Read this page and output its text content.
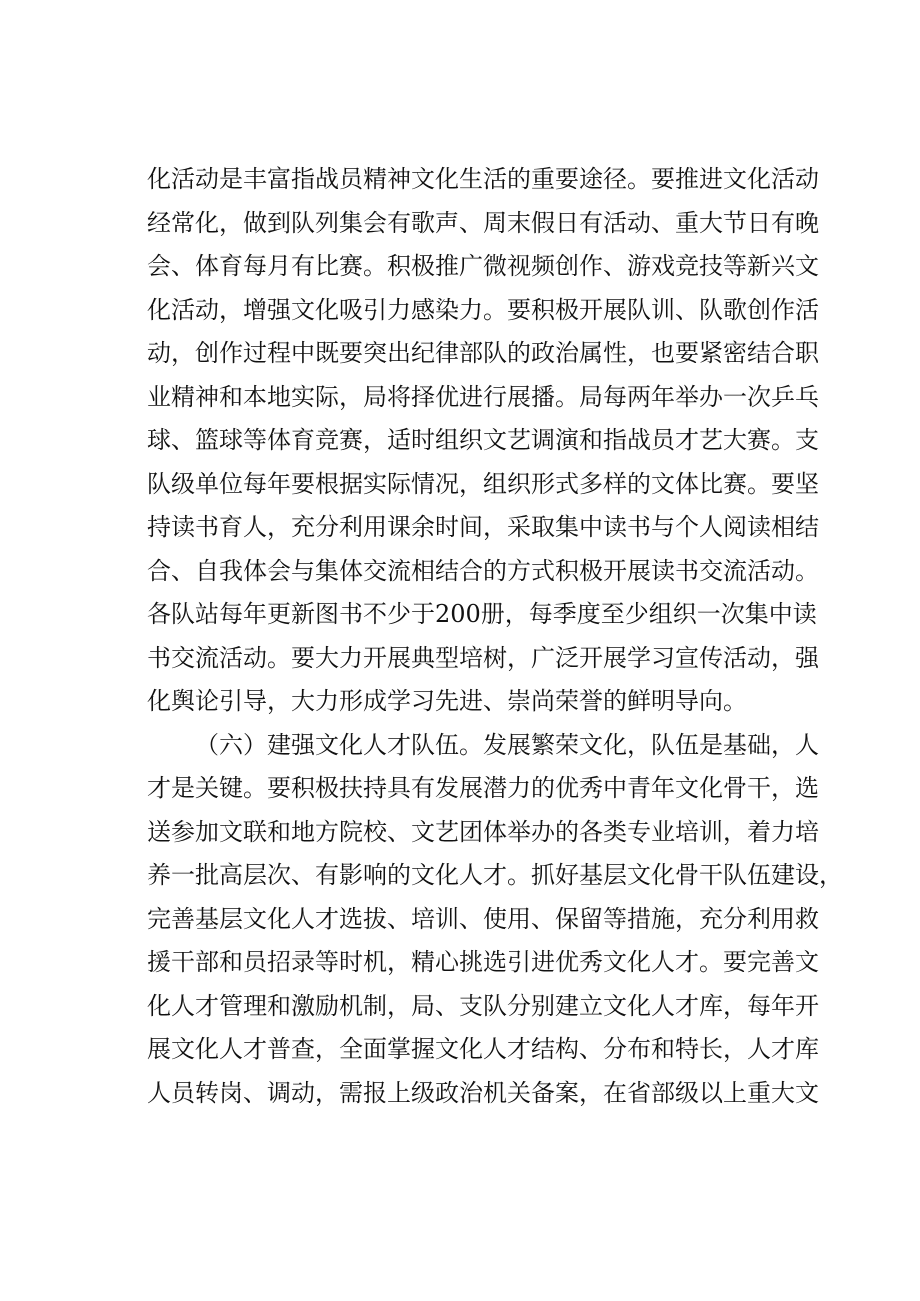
化活动是丰富指战员精神文化生活的重要途径。要推进文化活动
经常化，做到队列集会有歌声、周末假日有活动、重大节日有晚
会、体育每月有比赛。积极推广微视频创作、游戏竞技等新兴文
化活动，增强文化吸引力感染力。要积极开展队训、队歌创作活
动，创作过程中既要突出纪律部队的政治属性，也要紧密结合职
业精神和本地实际，局将择优进行展播。局每两年举办一次乒乓
球、篮球等体育竞赛，适时组织文艺调演和指战员才艺大赛。支
队级单位每年要根据实际情况，组织形式多样的文体比赛。要坚
持读书育人，充分利用课余时间，采取集中读书与个人阅读相结
合、自我体会与集体交流相结合的方式积极开展读书交流活动。
各队站每年更新图书不少于200册，每季度至少组织一次集中读
书交流活动。要大力开展典型培树，广泛开展学习宣传活动，强
化舆论引导，大力形成学习先进、崇尚荣誉的鲜明导向。
（六）建强文化人才队伍。发展繁荣文化，队伍是基础，人
才是关键。要积极扶持具有发展潜力的优秀中青年文化骨干，选
送参加文联和地方院校、文艺团体举办的各类专业培训，着力培
养一批高层次、有影响的文化人才。抓好基层文化骨干队伍建设，
完善基层文化人才选拔、培训、使用、保留等措施，充分利用救
援干部和员招录等时机，精心挑选引进优秀文化人才。要完善文
化人才管理和激励机制，局、支队分别建立文化人才库，每年开
展文化人才普查，全面掌握文化人才结构、分布和特长，人才库
人员转岗、调动，需报上级政治机关备案，在省部级以上重大文
